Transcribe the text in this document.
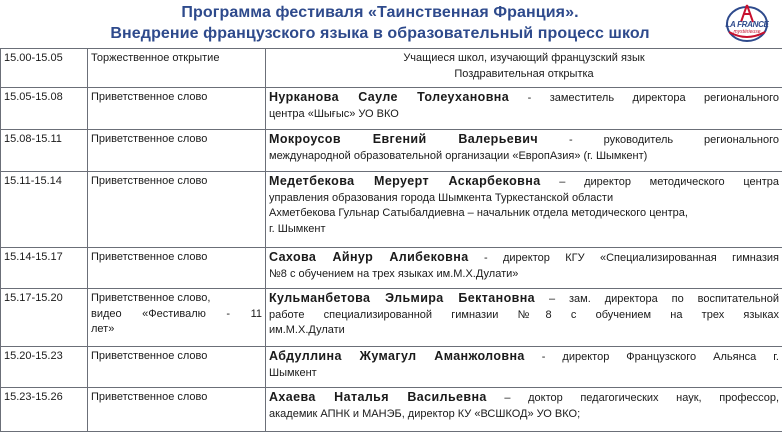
Программа фестиваля «Таинственная Франция».
Внедрение французского языка в образовательный процесс школ
LA FRANCE
mystérieuse
15.00-15.05	Торжественное открытие	Учащиеся школ, изучающий французский язык
Поздравительная открытка

15.05-15.08	Приветственное слово	Нурканова Сауле Толеухановна - заместитель директора регионального
центра «Шығыс» УО ВКО

15.08-15.11	Приветственное слово	Мокроусов Евгений Валерьевич - руководитель регионального
международной образовательной организации «ЕвропАзия» (г. Шымкент)

15.11-15.14	Приветственное слово	Медетбекова Меруерт Аскарбековна – директор методического центра
управления образования города Шымкента Туркестанской области
Ахметбекова Гульнар Сатыбалдиевна – начальник отдела методического центра,
г. Шымкент

15.14-15.17	Приветственное слово	Сахова Айнур Алибековна - директор КГУ «Специализированная гимназия
№8 с обучением на трех языках им.М.Х.Дулати»

15.17-15.20	Приветственное слово,
видео «Фестивалю - 11
лет»	Кульманбетова Эльмира Бектановна – зам. директора по воспитательной
работе специализированной гимназии №8 с обучением на трех языках
им.М.Х.Дулати

15.20-15.23	Приветственное слово	Абдуллина Жумагул Аманжоловна - директор Французского Альянса г.
Шымкент

15.23-15.26	Приветственное слово	Ахаева Наталья Васильевна – доктор педагогических наук, профессор,
академик АПНК и МАНЭБ, директор КУ «ВСШКОД» УО ВКО;
